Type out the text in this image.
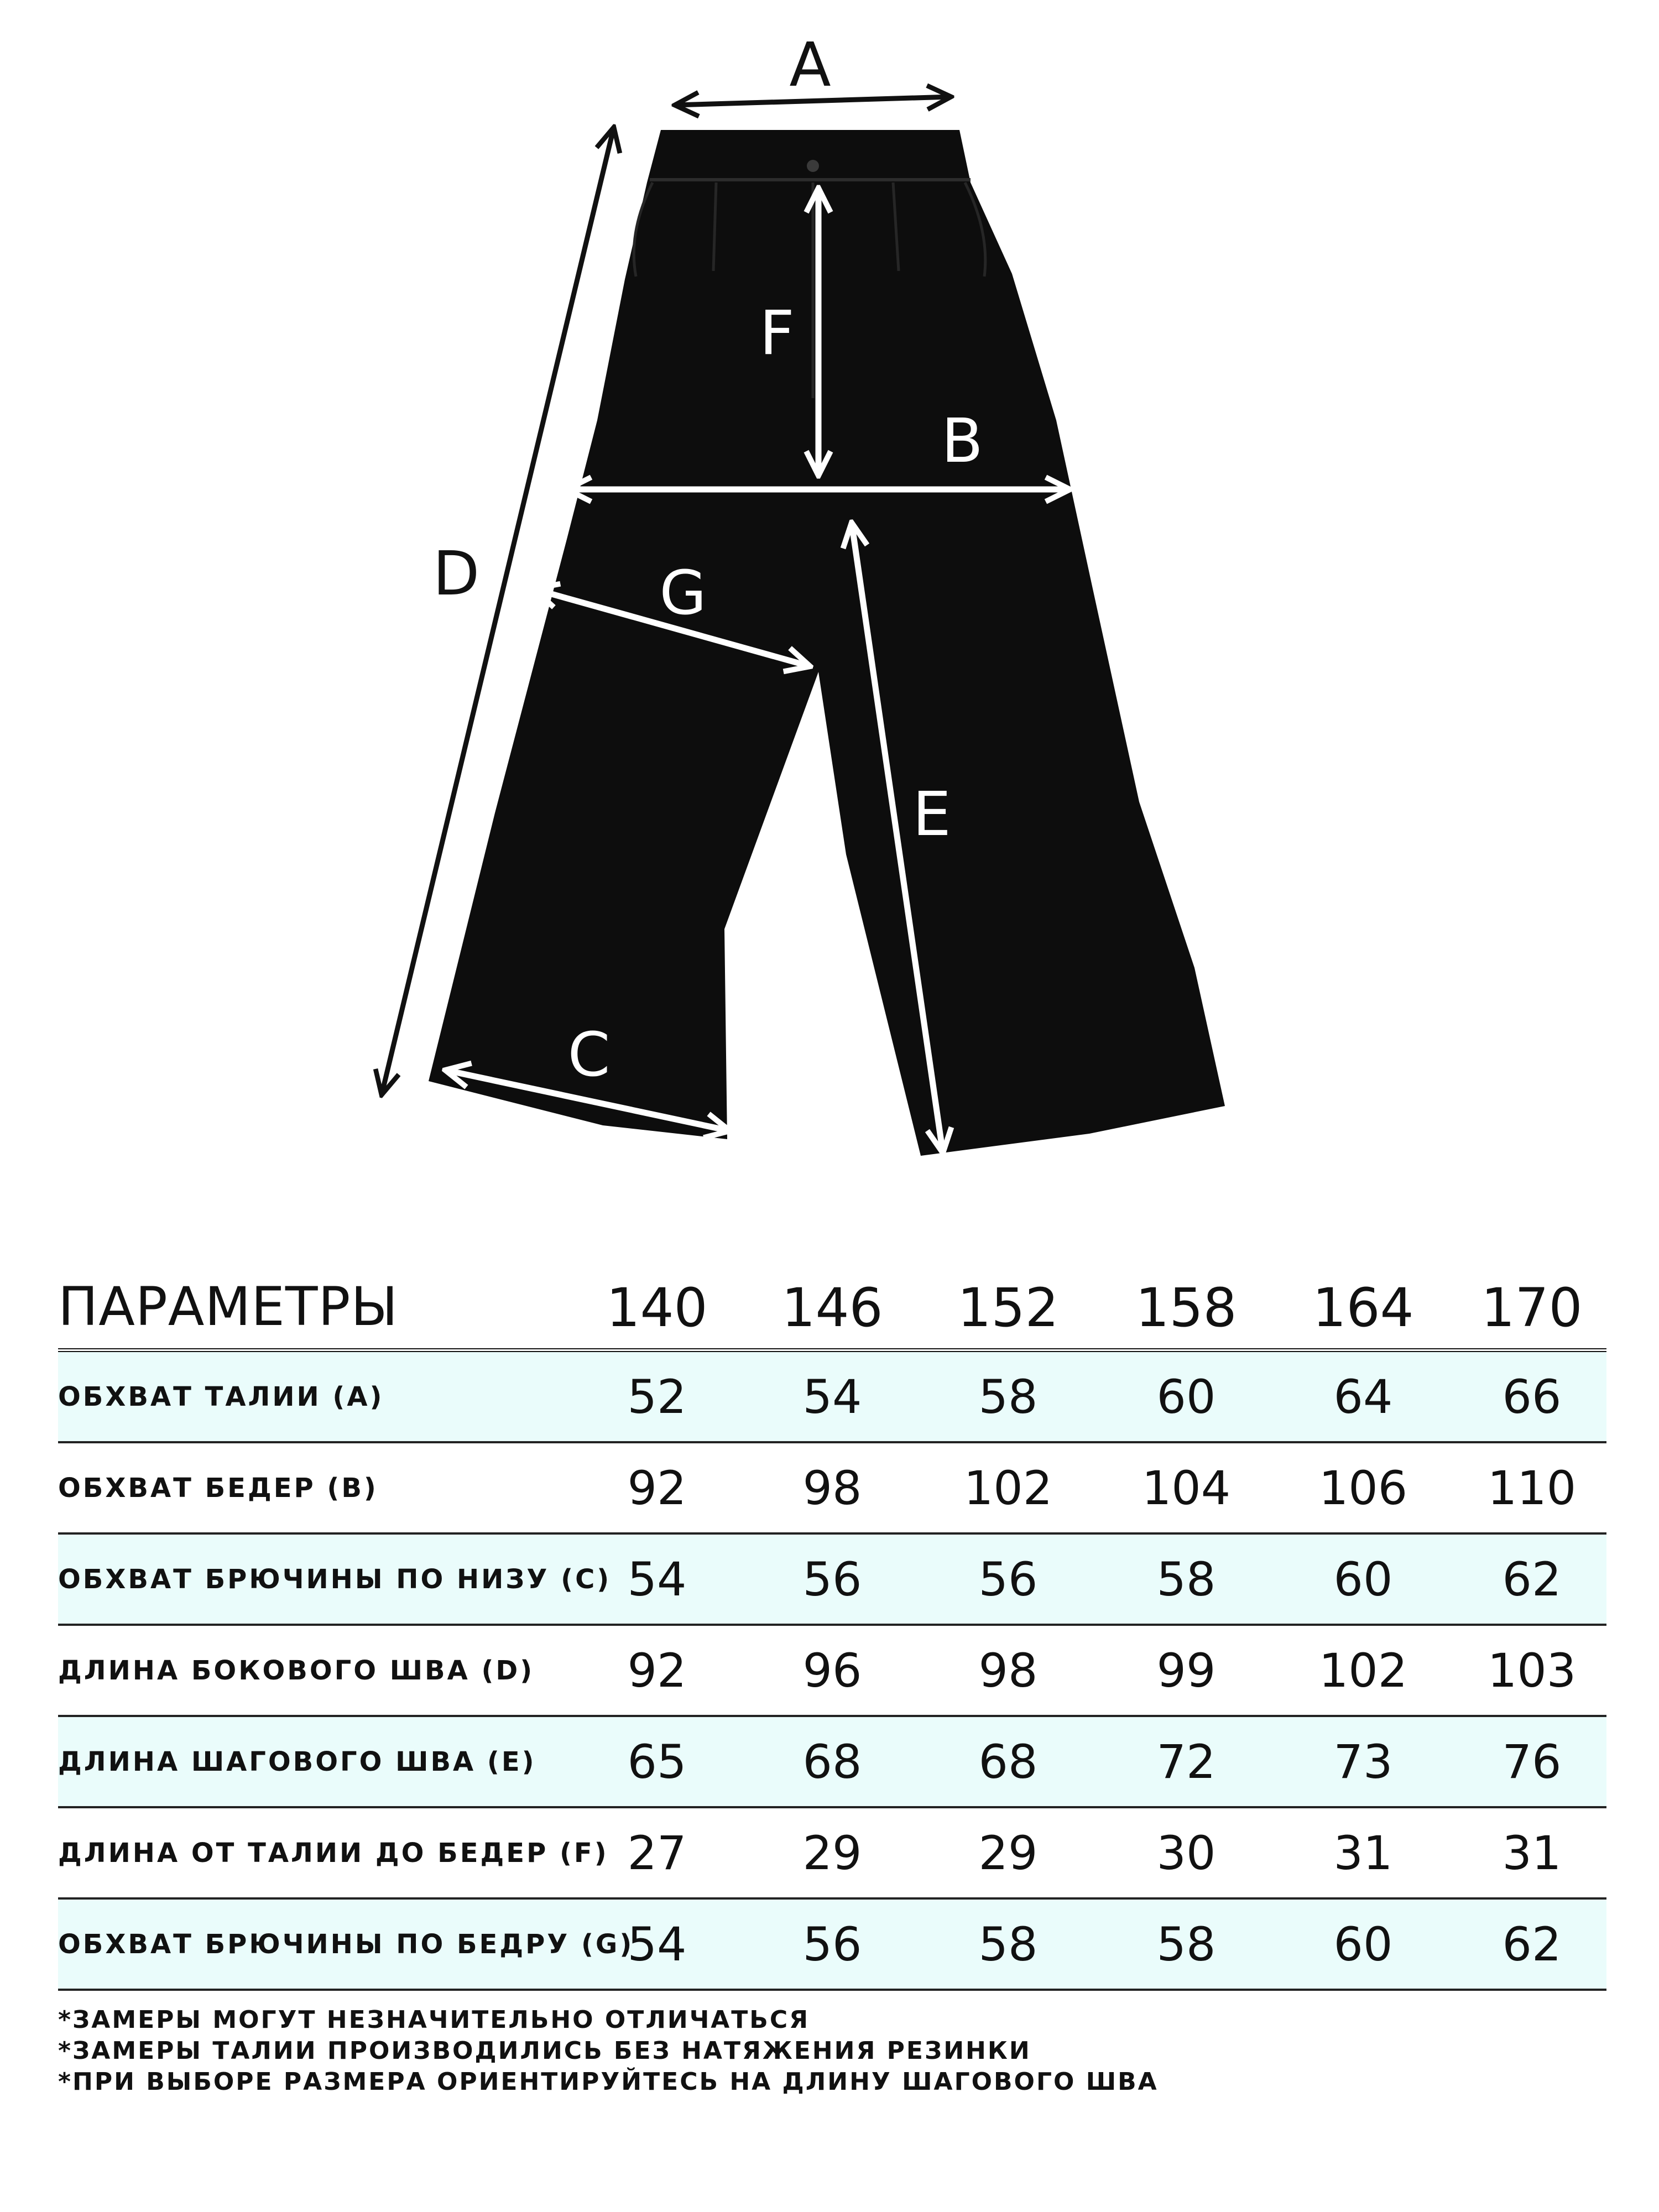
A
D
F
B
G
E
C
ПАРАМЕТРЫ	140 146 152 158 164 170
ОБХВАТ ТАЛИИ (A)	52	54	58	60	64	66
ОБХВАТ БЕДЕР (B)	92	98	102	104	106	110
ОБХВАТ БРЮЧИНЫ ПО НИЗУ (C) 54	56	56	58	60	62
ДЛИНА БОКОВОГО ШВА (D)	92	96	98	99	102	103
ДЛИНА ШАГОВОГО ШВА (E)	65	68	68	72	73	76
ДЛИНА ОТ ТАЛИИ ДО БЕДЕР (F) 27	29	29	30	31	31
ОБХВАТ БРЮЧИНЫ ПО БЕДРУ (G)
54	56	58	58	60	62
*ЗАМЕРЫ МОГУТ НЕЗНАЧИТЕЛЬНО ОТЛИЧАТЬСЯ
*ЗАМЕРЫ ТАЛИИ ПРОИЗВОДИЛИСЬ БЕЗ НАТЯЖЕНИЯ РЕЗИНКИ
*ПРИ ВЫБОРЕ РАЗМЕРА ОРИЕНТИРУЙТЕСЬ НА ДЛИНУ ШАГОВОГО ШВА
